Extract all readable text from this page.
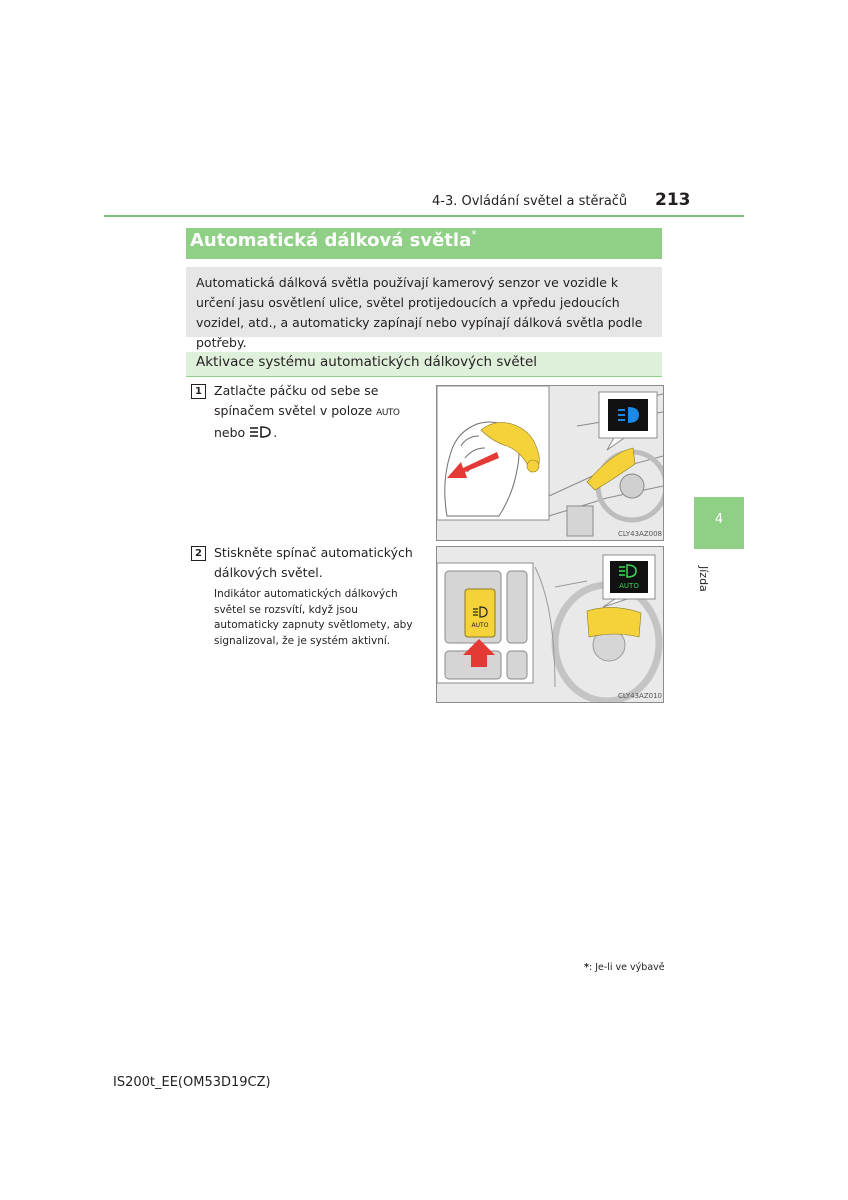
4-3. Ovládání světel a stěračů 213
Automatická dálková světla*
Automatická dálková světla používají kamerový senzor ve vozidle k určení jasu osvětlení ulice, světel protijedoucích a vpředu jedoucích vozidel, atd., a automaticky zapínají nebo vypínají dálková světla podle potřeby.
Aktivace systému automatických dálkových světel
1 Zatlačte páčku od sebe se spínačem světel v poloze AUTO nebo .
CLY43AZ008
2 Stiskněte spínač automatických dálkových světel.
Indikátor automatických dálkových světel se rozsvítí, když jsou automaticky zapnuty světlomety, aby signalizoval, že je systém aktivní.
AUTO
AUTO
CLY43AZ010
4
Jízda
*: Je-li ve výbavě
IS200t_EE(OM53D19CZ)
